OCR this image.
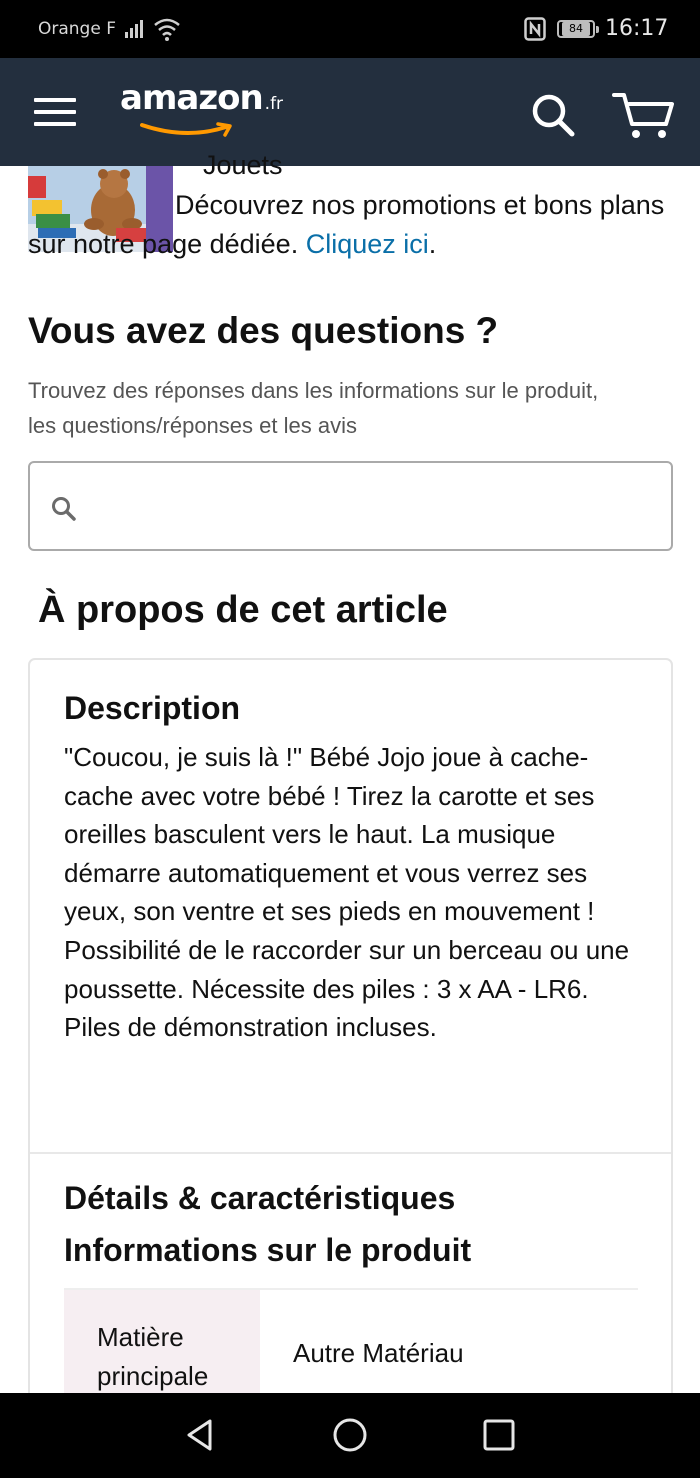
Orange F	84	16:17
amazon .fr
Jouets

Découvrez nos promotions et bons plans sur notre page dédiée. Cliquez ici.

Vous avez des questions ?

Trouvez des réponses dans les informations sur le produit, les questions/réponses et les avis

À propos de cet article
Description

"Coucou, je suis là !" Bébé Jojo joue à cache-cache avec votre bébé ! Tirez la carotte et ses oreilles basculent vers le haut. La musique démarre automatiquement et vous verrez ses yeux, son ventre et ses pieds en mouvement ! Possibilité de le raccorder sur un berceau ou une poussette. Nécessite des piles : 3 x AA - LR6. Piles de démonstration incluses.

Détails & caractéristiques
Informations sur le produit
Matière principale
Autre Matériau
